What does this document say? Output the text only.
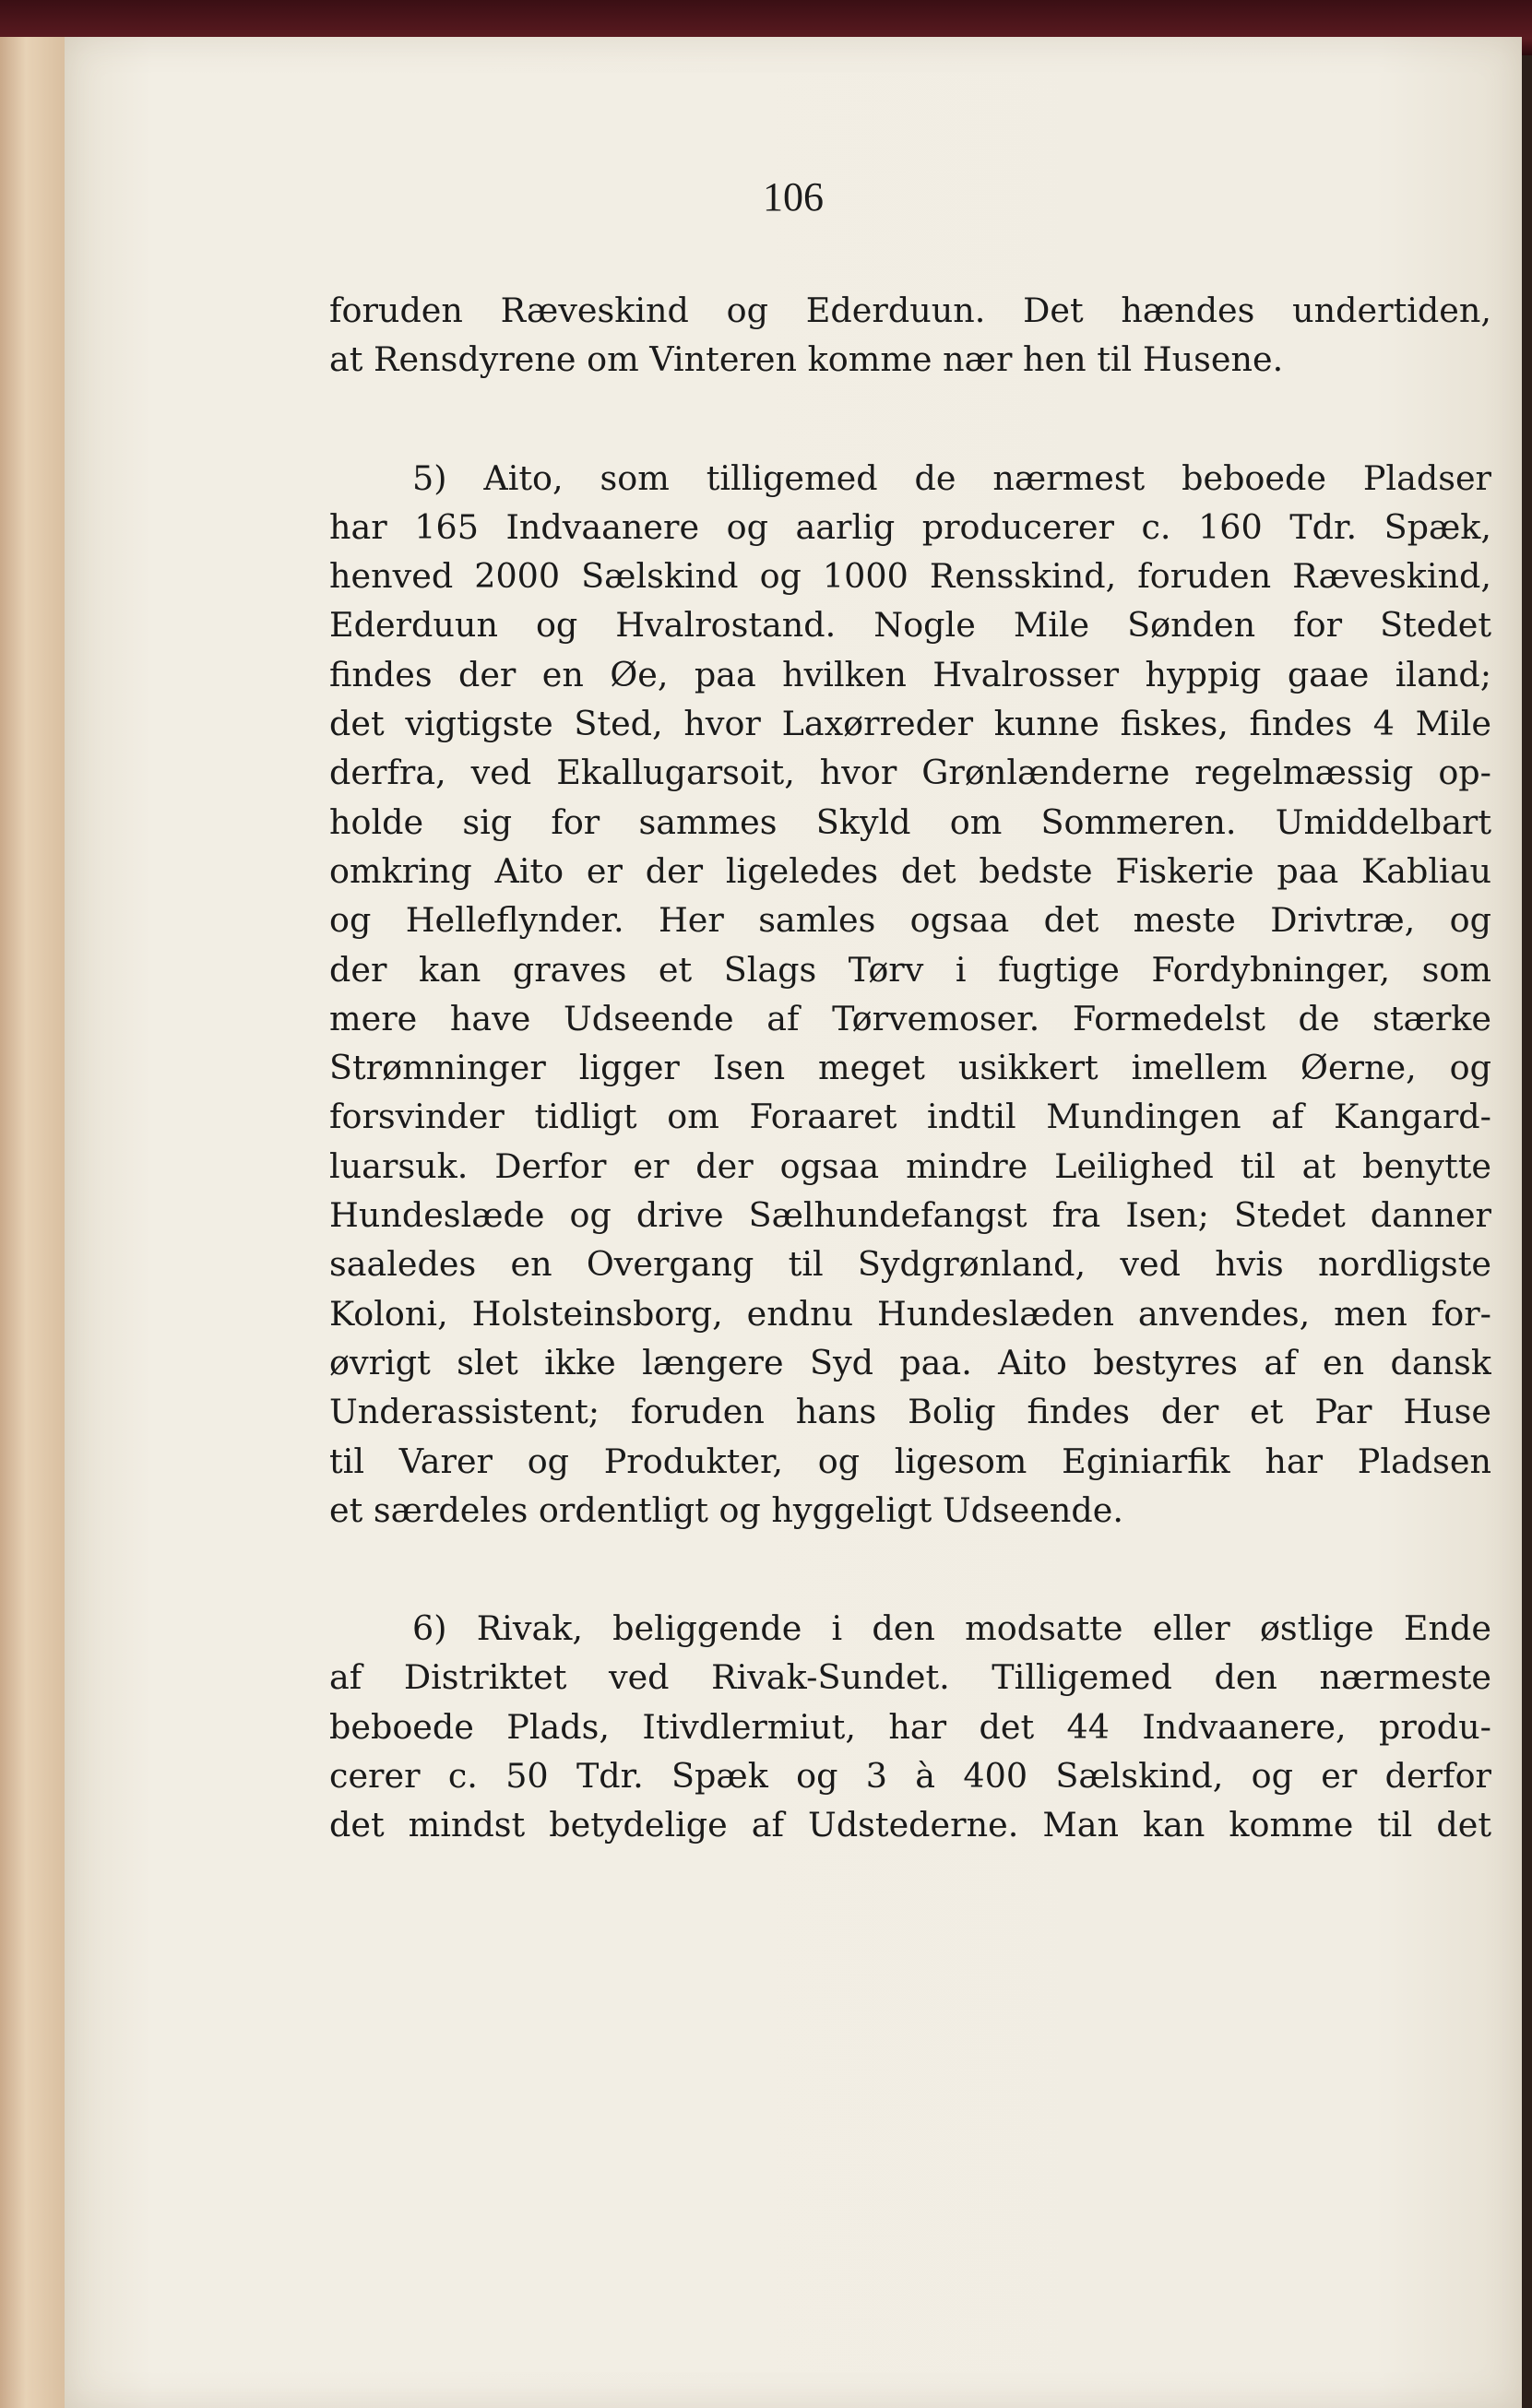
106
foruden Ræveskind og Ederduun. Det hændes undertiden,
at Rensdyrene om Vinteren komme nær hen til Husene.
5) Aito, som tilligemed de nærmest beboede Pladser
har 165 Indvaanere og aarlig producerer c. 160 Tdr. Spæk,
henved 2000 Sælskind og 1000 Rensskind, foruden Ræveskind,
Ederduun og Hvalrostand. Nogle Mile Sønden for Stedet
findes der en Øe, paa hvilken Hvalrosser hyppig gaae iland;
det vigtigste Sted, hvor Laxørreder kunne fiskes, findes 4 Mile
derfra, ved Ekallugarsoit, hvor Grønlænderne regelmæssig op-
holde sig for sammes Skyld om Sommeren. Umiddelbart
omkring Aito er der ligeledes det bedste Fiskerie paa Kabliau
og Helleflynder. Her samles ogsaa det meste Drivtræ, og
der kan graves et Slags Tørv i fugtige Fordybninger, som
mere have Udseende af Tørvemoser. Formedelst de stærke
Strømninger ligger Isen meget usikkert imellem Øerne, og
forsvinder tidligt om Foraaret indtil Mundingen af Kangard-
luarsuk. Derfor er der ogsaa mindre Leilighed til at benytte
Hundeslæde og drive Sælhundefangst fra Isen; Stedet danner
saaledes en Overgang til Sydgrønland, ved hvis nordligste
Koloni, Holsteinsborg, endnu Hundeslæden anvendes, men for-
øvrigt slet ikke længere Syd paa. Aito bestyres af en dansk
Underassistent; foruden hans Bolig findes der et Par Huse
til Varer og Produkter, og ligesom Eginiarfik har Pladsen
et særdeles ordentligt og hyggeligt Udseende.
6) Rivak, beliggende i den modsatte eller østlige Ende
af Distriktet ved Rivak-Sundet. Tilligemed den nærmeste
beboede Plads, Itivdlermiut, har det 44 Indvaanere, produ-
cerer c. 50 Tdr. Spæk og 3 à 400 Sælskind, og er derfor
det mindst betydelige af Udstederne. Man kan komme til det
